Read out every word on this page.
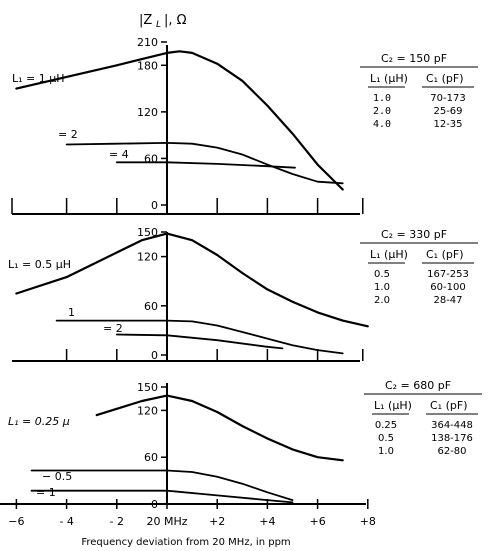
0
60
120
180
210
|Z L |, Ω
L₁ = 1 μH
= 2
= 4
0
60
120
150
L₁ = 0.5 μH
1
= 2
0
60
120
150
L₁ = 0.25 μ
− 0.5
= 1
−6	- 4	- 2 20 MHz +2	+4	+6	+8
Frequency deviation from 20 MHz, in ppm
C₂ = 150 pF
L₁ (μH) C₁ (pF)
1.0	70-173
2.0	25-69
4.0	12-35
C₂ = 330 pF
L₁ (μH) C₁ (pF)
0.5	167-253
1.0	60-100
2.0	28-47
C₂ = 680 pF
L₁ (μH) C₁ (pF)
0.25	364-448
0.5	138-176
1.0	62-80
